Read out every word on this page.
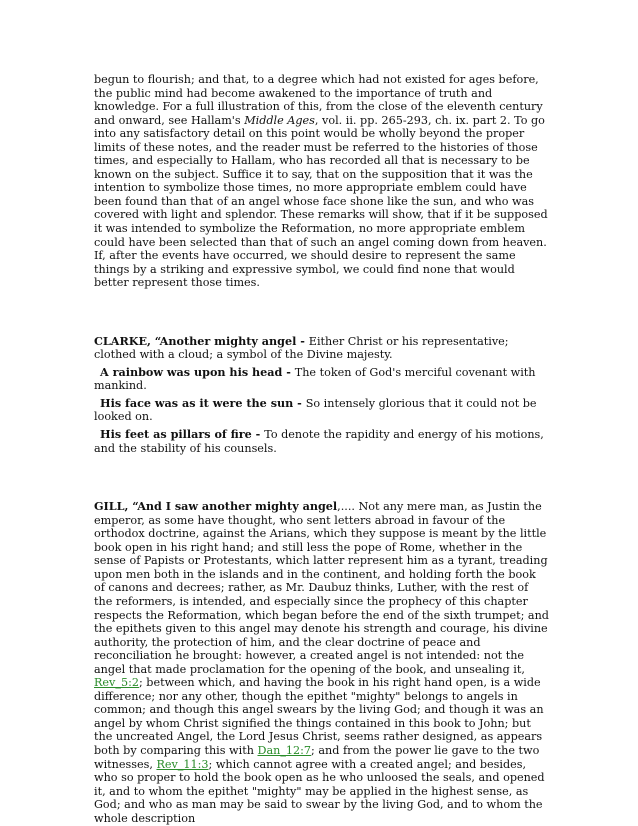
begun to flourish; and that, to a degree which had not existed for ages before, the public mind had become awakened to the importance of truth and knowledge. For a full illustration of this, from the close of the eleventh century and onward, see Hallam's Middle Ages, vol. ii. pp. 265-293, ch. ix. part 2. To go into any satisfactory detail on this point would be wholly beyond the proper limits of these notes, and the reader must be referred to the histories of those times, and especially to Hallam, who has recorded all that is necessary to be known on the subject. Suffice it to say, that on the supposition that it was the intention to symbolize those times, no more appropriate emblem could have been found than that of an angel whose face shone like the sun, and who was covered with light and splendor. These remarks will show, that if it be supposed it was intended to symbolize the Reformation, no more appropriate emblem could have been selected than that of such an angel coming down from heaven. If, after the events have occurred, we should desire to represent the same things by a striking and expressive symbol, we could find none that would better represent those times.

CLARKE, “Another mighty angel - Either Christ or his representative; clothed with a cloud; a symbol of the Divine majesty.

A rainbow was upon his head - The token of God's merciful covenant with mankind.

His face was as it were the sun - So intensely glorious that it could not be looked on.

His feet as pillars of fire - To denote the rapidity and energy of his motions, and the stability of his counsels.

GILL, “And I saw another mighty angel,.... Not any mere man, as Justin the emperor, as some have thought, who sent letters abroad in favour of the orthodox doctrine, against the Arians, which they suppose is meant by the little book open in his right hand; and still less the pope of Rome, whether in the sense of Papists or Protestants, which latter represent him as a tyrant, treading upon men both in the islands and in the continent, and holding forth the book of canons and decrees; rather, as Mr. Daubuz thinks, Luther, with the rest of the reformers, is intended, and especially since the prophecy of this chapter respects the Reformation, which began before the end of the sixth trumpet; and the epithets given to this angel may denote his strength and courage, his divine authority, the protection of him, and the clear doctrine of peace and reconciliation he brought: however, a created angel is not intended: not the angel that made proclamation for the opening of the book, and unsealing it, Rev_5:2; between which, and having the book in his right hand open, is a wide difference; nor any other, though the epithet "mighty" belongs to angels in common; and though this angel swears by the living God; and though it was an angel by whom Christ signified the things contained in this book to John; but the uncreated Angel, the Lord Jesus Christ, seems rather designed, as appears both by comparing this with Dan_12:7; and from the power lie gave to the two witnesses, Rev_11:3; which cannot agree with a created angel; and besides, who so proper to hold the book open as he who unloosed the seals, and opened it, and to whom the epithet "mighty" may be applied in the highest sense, as God; and who as man may be said to swear by the living God, and to whom the whole description
